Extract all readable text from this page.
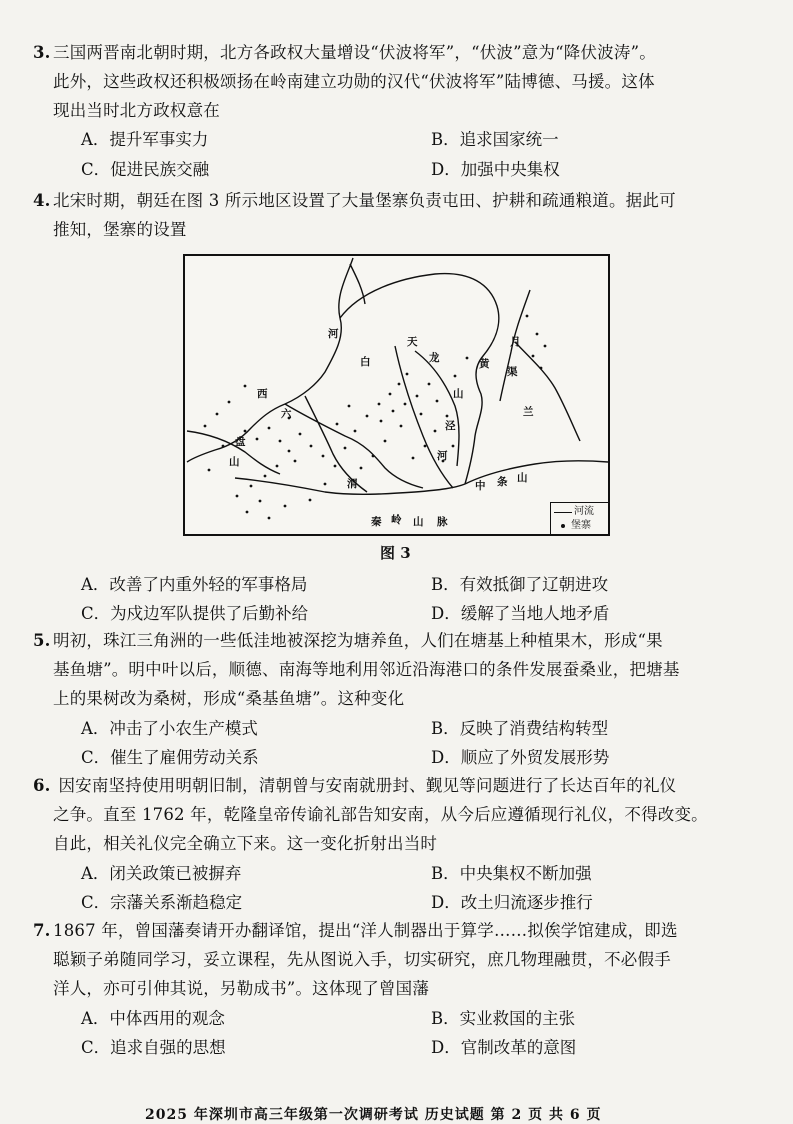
3. 三国两晋南北朝时期，北方各政权大量增设“伏波将军”，“伏波”意为“降伏波涛”。
此外，这些政权还积极颂扬在岭南建立功勋的汉代“伏波将军”陆博德、马援。这体
现出当时北方政权意在
A．提升军事实力	B．追求国家统一
C．促进民族交融	D．加强中央集权
4. 北宋时期，朝廷在图 3 所示地区设置了大量堡寨负责屯田、护耕和疏通粮道。据此可
推知，堡寨的设置
河
天
龙
白
月
黄
渠
山
兰
西
六
盘
山
泾
河
渭	中 条 山
秦 岭 山 脉
河流
堡寨
图 3
A．改善了内重外轻的军事格局	B．有效抵御了辽朝进攻
C．为戍边军队提供了后勤补给	D．缓解了当地人地矛盾
5. 明初，珠江三角洲的一些低洼地被深挖为塘养鱼，人们在塘基上种植果木，形成“果
基鱼塘”。明中叶以后，顺德、南海等地利用邻近沿海港口的条件发展蚕桑业，把塘基
上的果树改为桑树，形成“桑基鱼塘”。这种变化
A．冲击了小农生产模式	B．反映了消费结构转型
C．催生了雇佣劳动关系	D．顺应了外贸发展形势
6. 因安南坚持使用明朝旧制，清朝曾与安南就册封、觐见等问题进行了长达百年的礼仪
之争。直至 1762 年，乾隆皇帝传谕礼部告知安南，从今后应遵循现行礼仪，不得改变。
自此，相关礼仪完全确立下来。这一变化折射出当时
A．闭关政策已被摒弃	B．中央集权不断加强
C．宗藩关系渐趋稳定	D．改土归流逐步推行
7. 1867 年，曾国藩奏请开办翻译馆，提出“洋人制器出于算学……拟俟学馆建成，即选
聪颖子弟随同学习，妥立课程，先从图说入手，切实研究，庶几物理融贯，不必假手
洋人，亦可引伸其说，另勒成书”。这体现了曾国藩
A．中体西用的观念	B．实业救国的主张
C．追求自强的思想	D．官制改革的意图
2025 年深圳市高三年级第一次调研考试 历史试题 第 2 页 共 6 页
